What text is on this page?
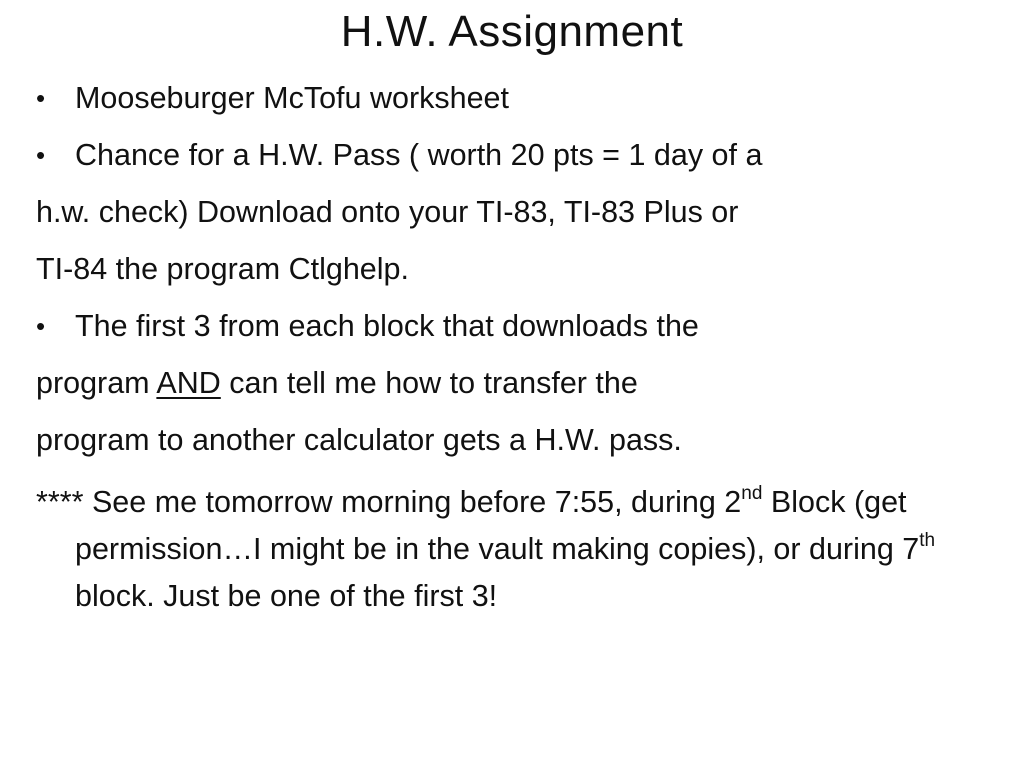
H.W. Assignment
• Mooseburger McTofu worksheet
• Chance for a H.W. Pass ( worth 20 pts = 1 day of a
h.w. check) Download onto your TI-83, TI-83 Plus or
TI-84 the program Ctlghelp.
• The first 3 from each block that downloads the
program AND can tell me how to transfer the
program to another calculator gets a H.W. pass.
**** See me tomorrow morning before 7:55, during 2nd Block (get permission…I might be in the vault making copies), or during 7th block. Just be one of the first 3!
